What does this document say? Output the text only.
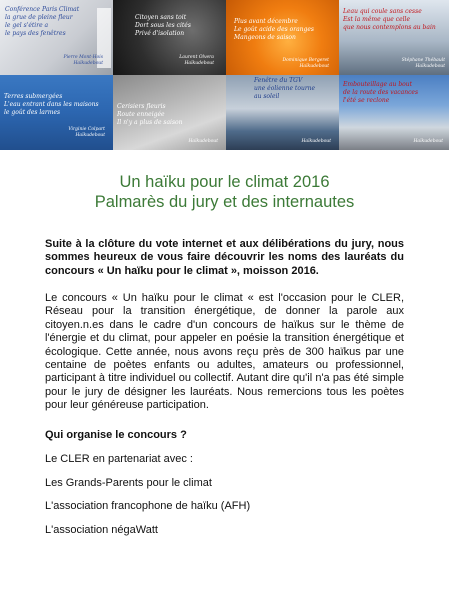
Conférence Paris Climat
la grue de pleine fleur
le gel s'étire a
le pays des fenêtres
Pierre Mont-Hois
Haïkudebout
Citoyen sans toit
Dort sous les cités
Privé d'isolation
Laurent Olvera
Haïkudebout
Plus avant décembre
Le goût acide des oranges
Mangeons de saison
Dominique Bergeret
Haïkudebout
Leau qui coule sans cesse
Est la même que celle
que nous contemplons au bain
Stéphane Thébault
Haïkudebout
Terres submergées
L'eau entrant dans les maisons
le goût des larmes
Virginie Colpart
Haïkudebout
Cerisiers fleuris
Route enneigée
Il n'y a plus de saison
Haïkudebout
Fenêtre du TGV
une éolienne tourne
au soleil
Haïkudebout
Embouteillage au bout
de la route des vacances
l'été se reclone
Haïkudebout
Un haïku pour le climat 2016
Palmarès du jury et des internautes

Suite à la clôture du vote internet et aux délibérations du jury, nous sommes heureux de vous faire découvrir les noms des lauréats du concours « Un haïku pour le climat », moisson 2016.

Le concours « Un haïku pour le climat « est l'occasion pour le CLER, Réseau pour la transition énergétique, de donner la parole aux citoyen.n.es dans le cadre d'un concours de haïkus sur le thème de l'énergie et du climat, pour appeler en poésie la transition énergétique et écologique. Cette année, nous avons reçu près de 300 haïkus par une centaine de poètes enfants ou adultes, amateurs ou professionnel, participant à titre individuel ou collectif. Autant dire qu'il n'a pas été simple pour le jury de désigner les lauréats. Nous remercions tous les poètes pour leur généreuse participation.

Qui organise le concours ?
Le CLER en partenariat avec :
Les Grands-Parents pour le climat
L'association francophone de haïku (AFH)
L'association négaWatt
